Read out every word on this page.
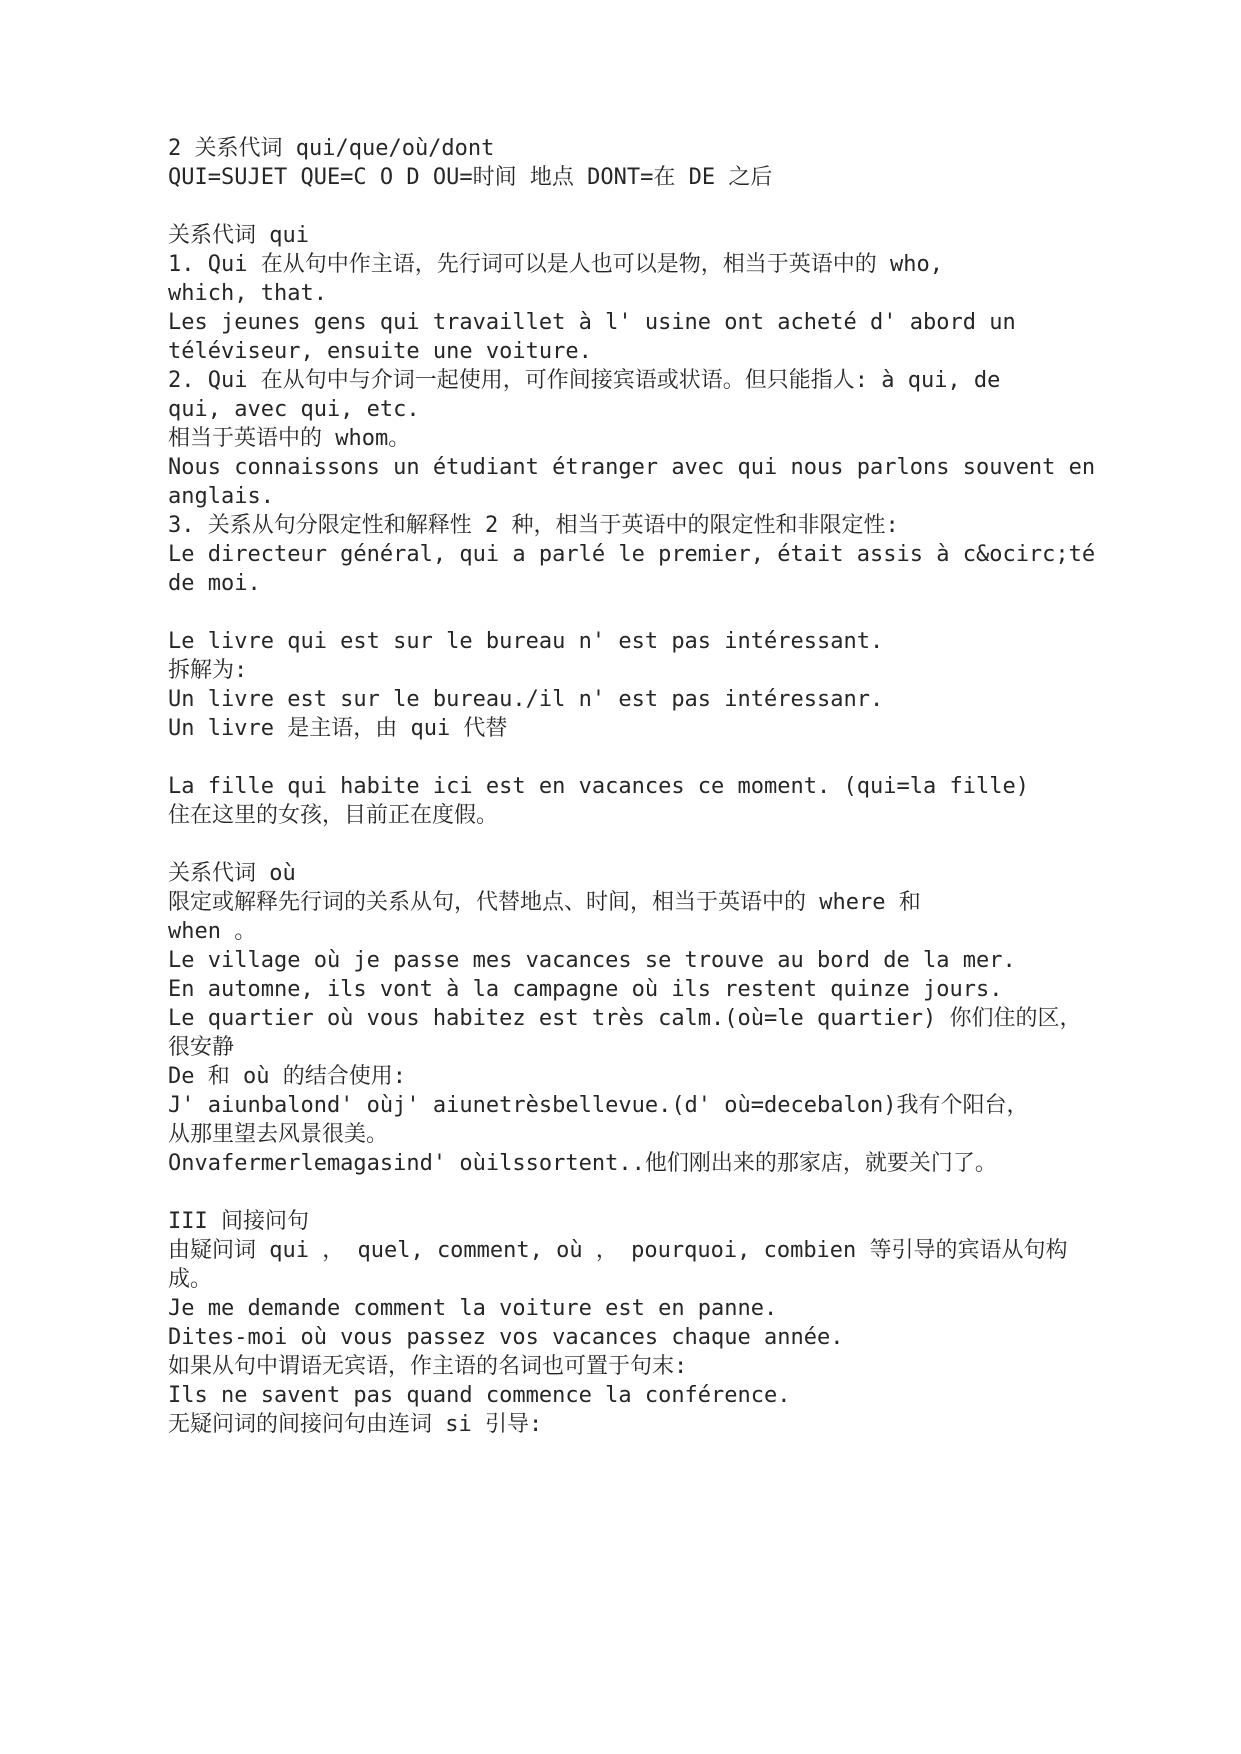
2 关系代词 qui/que/où/dont
QUI=SUJET QUE=C O D OU=时间 地点 DONT=在 DE 之后
关系代词 qui
1. Qui 在从句中作主语，先行词可以是人也可以是物，相当于英语中的 who,
which, that.
Les jeunes gens qui travaillet à l' usine ont acheté d' abord un
téléviseur, ensuite une voiture.
2. Qui 在从句中与介词一起使用，可作间接宾语或状语。但只能指人: à qui, de
qui, avec qui, etc.
相当于英语中的 whom。
Nous connaissons un étudiant étranger avec qui nous parlons souvent en
anglais.
3. 关系从句分限定性和解释性 2 种，相当于英语中的限定性和非限定性:
Le directeur général, qui a parlé le premier, était assis à c&ocirc;té
de moi.
Le livre qui est sur le bureau n' est pas intéressant.
拆解为:
Un livre est sur le bureau./il n' est pas intéressanr.
Un livre 是主语，由 qui 代替
La fille qui habite ici est en vacances ce moment. (qui=la fille)
住在这里的女孩，目前正在度假。
关系代词 où
限定或解释先行词的关系从句，代替地点、时间，相当于英语中的 where 和
when 。
Le village où je passe mes vacances se trouve au bord de la mer.
En automne, ils vont à la campagne où ils restent quinze jours.
Le quartier où vous habitez est très calm.(où=le quartier) 你们住的区，
很安静
De 和 où 的结合使用:
J' aiunbalond' oùj' aiunetrèsbellevue.(d' où=decebalon)我有个阳台，
从那里望去风景很美。
Onvafermerlemagasind' oùilssortent..他们刚出来的那家店，就要关门了。
III 间接问句
由疑问词 qui ， quel, comment, où ， pourquoi, combien 等引导的宾语从句构
成。
Je me demande comment la voiture est en panne.
Dites-moi où vous passez vos vacances chaque année.
如果从句中谓语无宾语，作主语的名词也可置于句末:
Ils ne savent pas quand commence la conférence.
无疑问词的间接问句由连词 si 引导:
